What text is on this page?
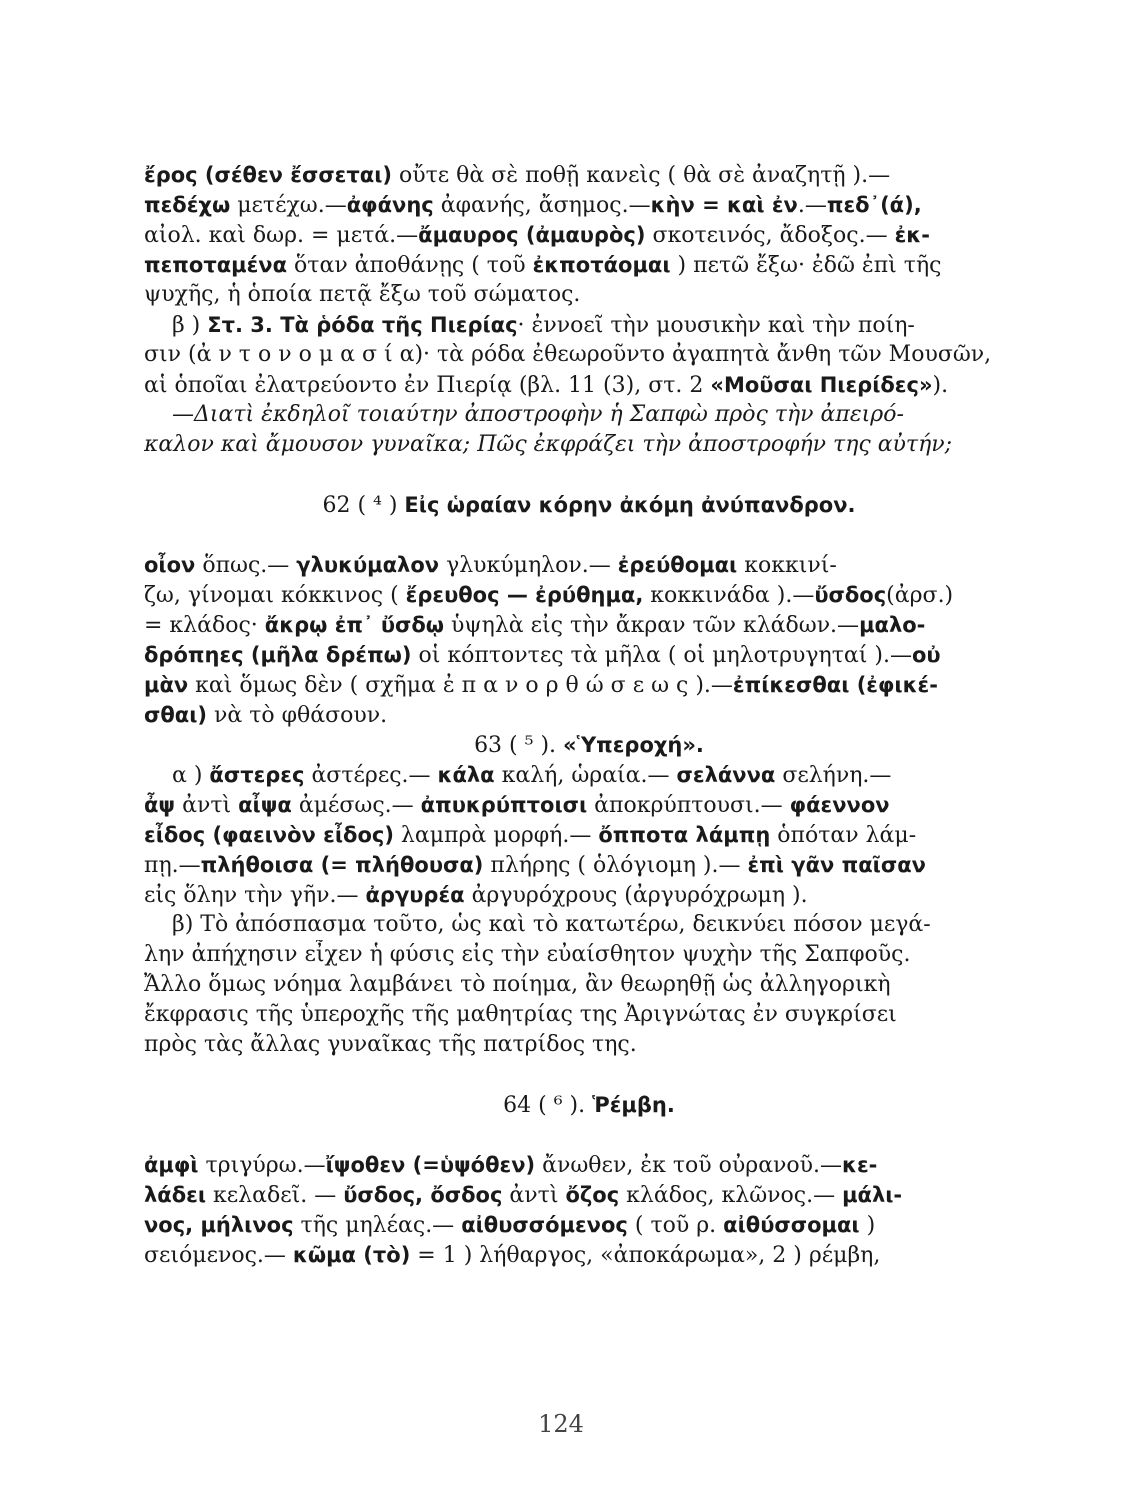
ἔρος (σέθεν ἔσσεται) οὔτε θὰ σὲ ποθῇ κανεὶς ( θὰ σὲ ἀναζητῇ ).—
πεδέχω μετέχω.—ἀφάνης ἀφανής, ἄσημος.—κὴν = καὶ ἐν.—πεδ᾽(ά),
αἰολ. καὶ δωρ. = μετά.—ἄμαυρος (ἀμαυρὸς) σκοτεινός, ἄδοξος.— ἐκ-
πεποταμένα ὅταν ἀποθάνῃς ( τοῦ ἐκποτάομαι ) πετῶ ἔξω· ἐδῶ ἐπὶ τῆς
ψυχῆς, ἡ ὁποία πετᾷ ἔξω τοῦ σώματος.
β ) Στ. 3. Τὰ ῥόδα τῆς Πιερίας· ἐννοεῖ τὴν μουσικὴν καὶ τὴν ποίη-
σιν (ἀ ν τ ο ν ο μ α σ ί α)· τὰ ρόδα ἐθεωροῦντο ἀγαπητὰ ἄνθη τῶν Μουσῶν,
αἱ ὁποῖαι ἐλατρεύοντο ἐν Πιερίᾳ (βλ. 11 (3), στ. 2 «Μοῦσαι Πιερίδες»).
—Διατὶ ἐκδηλοῖ τοιαύτην ἀποστροφὴν ἡ Σαπφὼ πρὸς τὴν ἀπειρό-
καλον καὶ ἄμουσον γυναῖκα; Πῶς ἐκφράζει τὴν ἀποστροφήν της αὐτήν;
62 ( ⁴ ) Εἰς ὡραίαν κόρην ἀκόμη ἀνύπανδρον.
οἶον ὅπως.— γλυκύμαλον γλυκύμηλον.— ἐρεύθομαι κοκκινί-
ζω, γίνομαι κόκκινος ( ἔρευθος — ἐρύθημα, κοκκινάδα ).—ὔσδος(ἀρσ.)
= κλάδος· ἄκρῳ ἐπ᾽ ὔσδῳ ὑψηλὰ εἰς τὴν ἄκραν τῶν κλάδων.—μαλο-
δρόπηες (μῆλα δρέπω) οἱ κόπτοντες τὰ μῆλα ( οἱ μηλοτρυγηταί ).—οὐ
μὰν καὶ ὅμως δὲν ( σχῆμα ἐ π α ν ο ρ θ ώ σ ε ω ς ).—ἐπίκεσθαι (ἐφικέ-
σθαι) νὰ τὸ φθάσουν.
63 ( ⁵ ). «Ὑπεροχή».
α ) ἄστερες ἀστέρες.— κάλα καλή, ὡραία.— σελάννα σελήνη.—
ἆψ ἀντὶ αἶψα ἀμέσως.— ἀπυκρύπτοισι ἀποκρύπτουσι.— φάεννον
εἶδος (φαεινὸν εἶδος) λαμπρὰ μορφή.— ὄπποτα λάμπῃ ὁπόταν λάμ-
πῃ.—πλήθοισα (= πλήθουσα) πλήρης ( ὁλόγιομη ).— ἐπὶ γᾶν παῖσαν
εἰς ὅλην τὴν γῆν.— ἀργυρέα ἀργυρόχρους (ἀργυρόχρωμη ).
β) Τὸ ἀπόσπασμα τοῦτο, ὡς καὶ τὸ κατωτέρω, δεικνύει πόσον μεγά-
λην ἀπήχησιν εἶχεν ἡ φύσις εἰς τὴν εὐαίσθητον ψυχὴν τῆς Σαπφοῦς.
Ἄλλο ὅμως νόημα λαμβάνει τὸ ποίημα, ἂν θεωρηθῇ ὡς ἀλληγορικὴ
ἔκφρασις τῆς ὑπεροχῆς τῆς μαθητρίας της Ἀριγνώτας ἐν συγκρίσει
πρὸς τὰς ἄλλας γυναῖκας τῆς πατρίδος της.
64 ( ⁶ ). Ῥέμβη.
ἀμφὶ τριγύρω.—ἴψοθεν (=ὑψόθεν) ἄνωθεν, ἐκ τοῦ οὐρανοῦ.—κε-
λάδει κελαδεῖ. — ὔσδος, ὄσδος ἀντὶ ὄζος κλάδος, κλῶνος.— μάλι-
νος, μήλινος τῆς μηλέας.— αἰθυσσόμενος ( τοῦ ρ. αἰθύσσομαι )
σειόμενος.— κῶμα (τὸ) = 1 ) λήθαργος, «ἀποκάρωμα», 2 ) ρέμβη,
124
